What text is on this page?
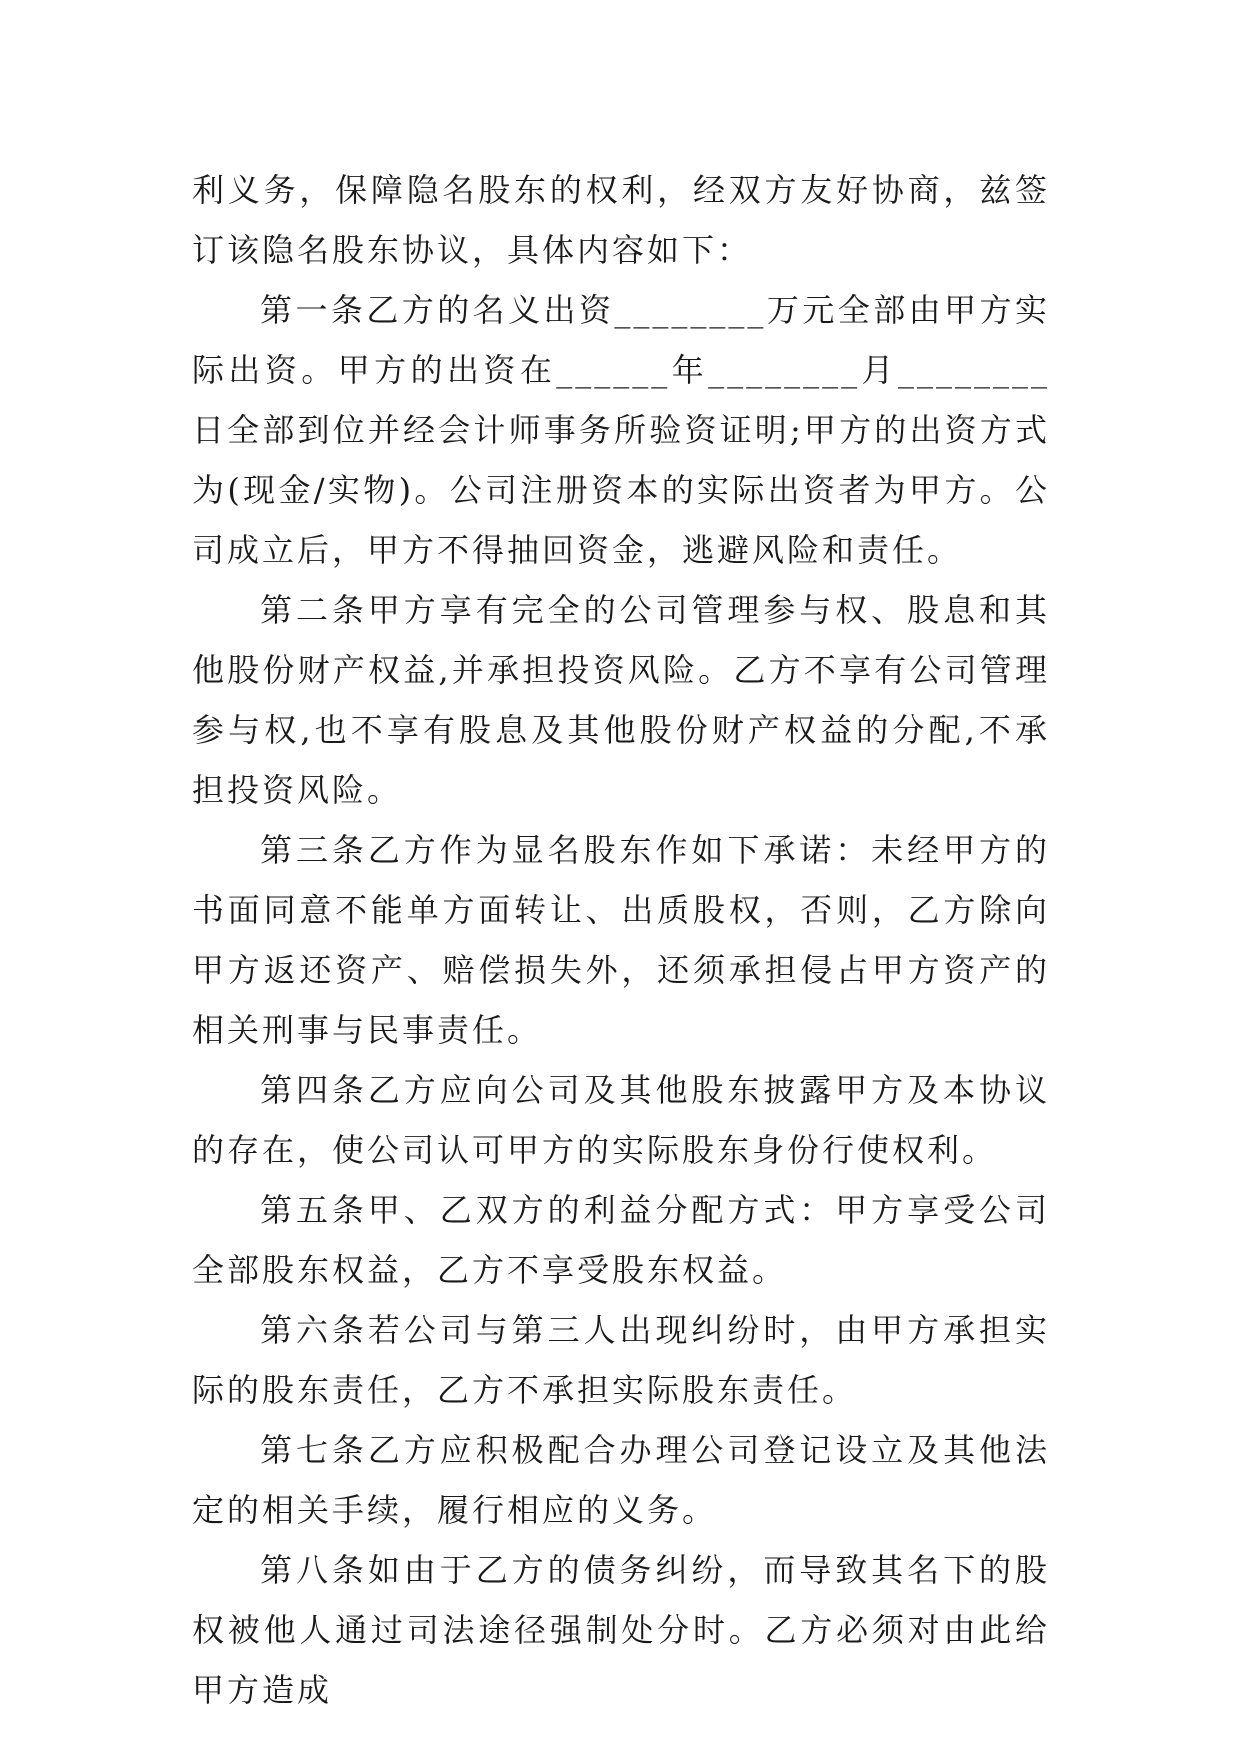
利义务，保障隐名股东的权利，经双方友好协商，兹签订该隐名股东协议，具体内容如下：

第一条乙方的名义出资________万元全部由甲方实际出资。甲方的出资在______年________月________日全部到位并经会计师事务所验资证明;甲方的出资方式为(现金/实物)。公司注册资本的实际出资者为甲方。公司成立后，甲方不得抽回资金，逃避风险和责任。

第二条甲方享有完全的公司管理参与权、股息和其他股份财产权益,并承担投资风险。乙方不享有公司管理参与权,也不享有股息及其他股份财产权益的分配,不承担投资风险。

第三条乙方作为显名股东作如下承诺：未经甲方的书面同意不能单方面转让、出质股权，否则，乙方除向甲方返还资产、赔偿损失外，还须承担侵占甲方资产的相关刑事与民事责任。

第四条乙方应向公司及其他股东披露甲方及本协议的存在，使公司认可甲方的实际股东身份行使权利。

第五条甲、乙双方的利益分配方式：甲方享受公司全部股东权益，乙方不享受股东权益。

第六条若公司与第三人出现纠纷时，由甲方承担实际的股东责任，乙方不承担实际股东责任。

第七条乙方应积极配合办理公司登记设立及其他法定的相关手续，履行相应的义务。

第八条如由于乙方的债务纠纷，而导致其名下的股权被他人通过司法途径强制处分时。乙方必须对由此给甲方造成
